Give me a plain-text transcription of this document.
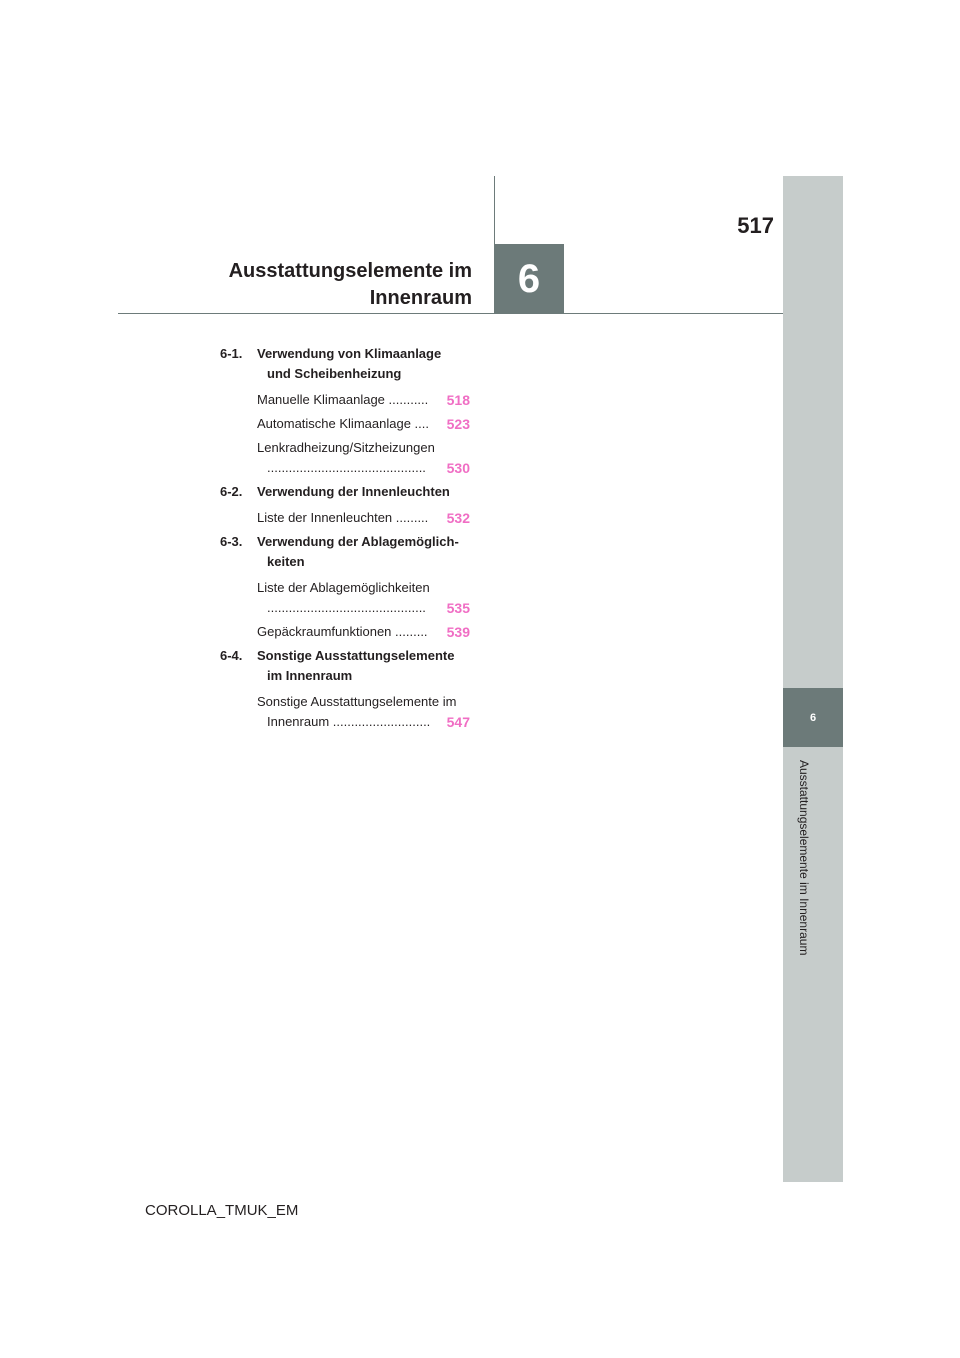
517
6
Ausstattungselemente im
Innenraum
6
Ausstattungselemente im Innenraum
6-1.	Verwendung von Klimaanlage
und Scheibenheizung
Manuelle Klimaanlage ...........	518
Automatische Klimaanlage ....	523
Lenkradheizung/Sitzheizungen
............................................	530
6-2.	Verwendung der Innenleuchten
Liste der Innenleuchten .........	532
6-3.	Verwendung der Ablagemöglich-
keiten
Liste der Ablagemöglichkeiten
............................................	535
Gepäckraumfunktionen .........	539
6-4.	Sonstige Ausstattungselemente
im Innenraum
Sonstige Ausstattungselemente im
Innenraum ...........................	547
COROLLA_TMUK_EM
